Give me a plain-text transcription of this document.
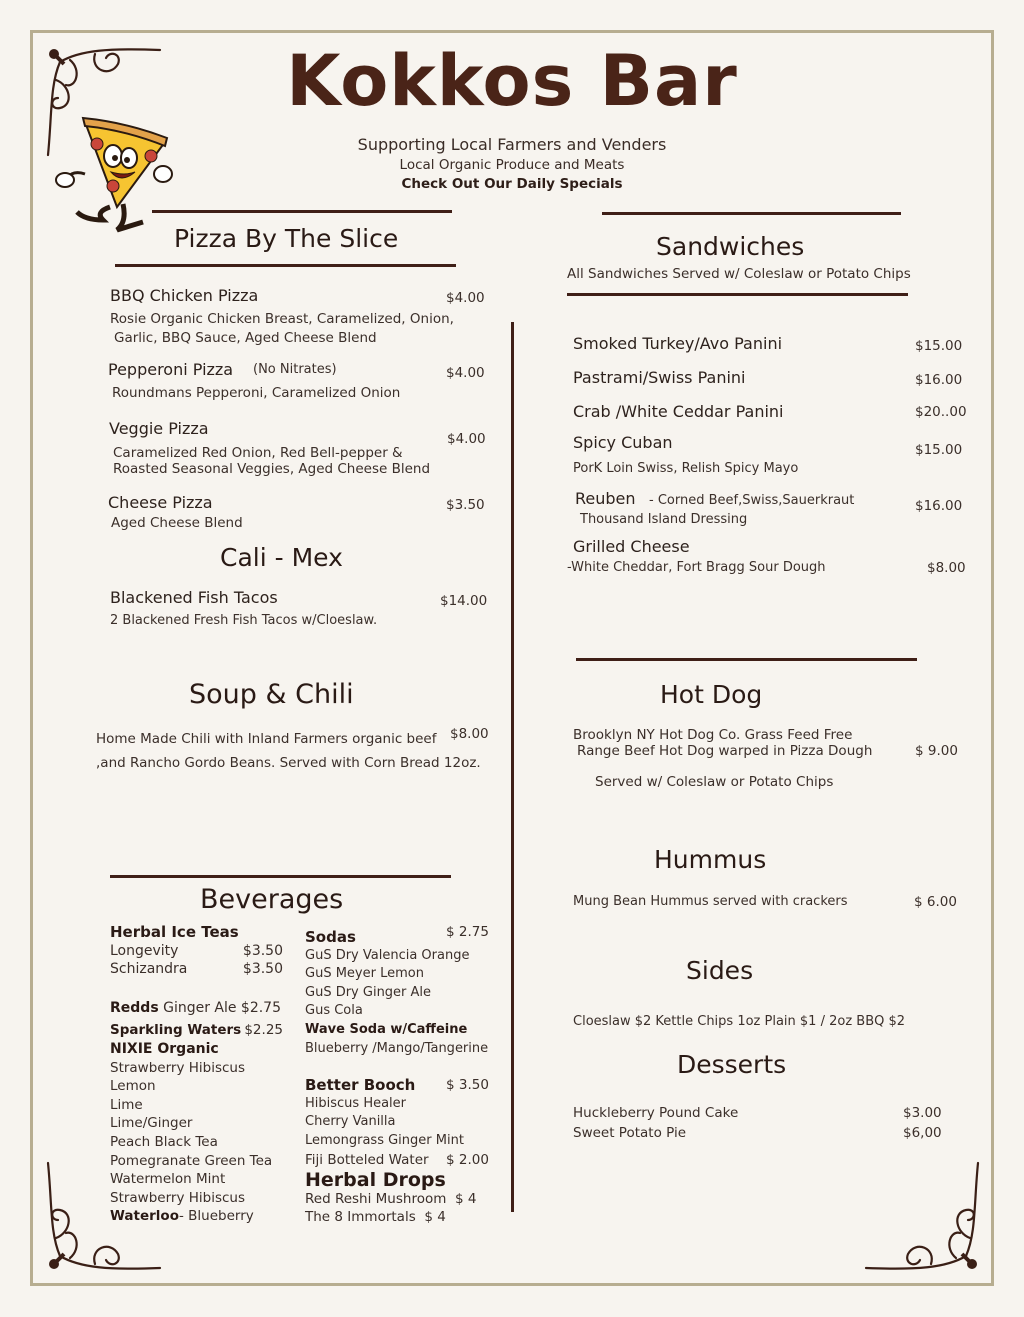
Kokkos Bar
Supporting Local Farmers and Venders
Local Organic Produce and Meats
Check Out Our Daily Specials
Pizza By The Slice
BBQ Chicken Pizza	$4.00
Rosie Organic Chicken Breast, Caramelized, Onion,
Garlic, BBQ Sauce, Aged Cheese Blend
Pepperoni Pizza (No Nitrates)	$4.00
Roundmans Pepperoni, Caramelized Onion
Veggie Pizza
$4.00
Caramelized Red Onion, Red Bell-pepper &
Roasted Seasonal Veggies, Aged Cheese Blend
Cheese Pizza	$3.50
Aged Cheese Blend
Cali - Mex
Blackened Fish Tacos	$14.00
2 Blackened Fresh Fish Tacos w/Cloeslaw.
Soup & Chili
Home Made Chili with Inland Farmers organic beef $8.00
,and Rancho Gordo Beans. Served with Corn Bread 12oz.
Beverages
Herbal Ice Teas
Longevity	$3.50
Schizandra	$3.50
Redds Ginger Ale $2.75
Sparkling Waters $2.25
NIXIE Organic
Strawberry Hibiscus
Lemon
Lime
Lime/Ginger
Peach Black Tea
Pomegranate Green Tea
Watermelon Mint
Strawberry Hibiscus
Waterloo- Blueberry
Sodas	$ 2.75
GuS Dry Valencia Orange
GuS Meyer Lemon
GuS Dry Ginger Ale
Gus Cola
Wave Soda w/Caffeine
Blueberry /Mango/Tangerine
Better Booch $ 3.50
Hibiscus Healer
Cherry Vanilla
Lemongrass Ginger Mint
Fiji Botteled Water $ 2.00
Herbal Drops
Red Reshi Mushroom $ 4
The 8 Immortals $ 4
Sandwiches
All Sandwiches Served w/ Coleslaw or Potato Chips
Smoked Turkey/Avo Panini	$15.00
Pastrami/Swiss Panini	$16.00
Crab /White Ceddar Panini	$20..00
Spicy Cuban	$15.00
PorK Loin Swiss, Relish Spicy Mayo
Reuben - Corned Beef,Swiss,Sauerkraut	$16.00
Thousand Island Dressing
Grilled Cheese
-White Cheddar, Fort Bragg Sour Dough	$8.00
Hot Dog
Brooklyn NY Hot Dog Co. Grass Feed Free
Range Beef Hot Dog warped in Pizza Dough	$ 9.00
Served w/ Coleslaw or Potato Chips
Hummus
Mung Bean Hummus served with crackers	$ 6.00
Sides
Cloeslaw $2 Kettle Chips 1oz Plain $1 / 2oz BBQ $2
Desserts
Huckleberry Pound Cake	$3.00
Sweet Potato Pie	$6,00
